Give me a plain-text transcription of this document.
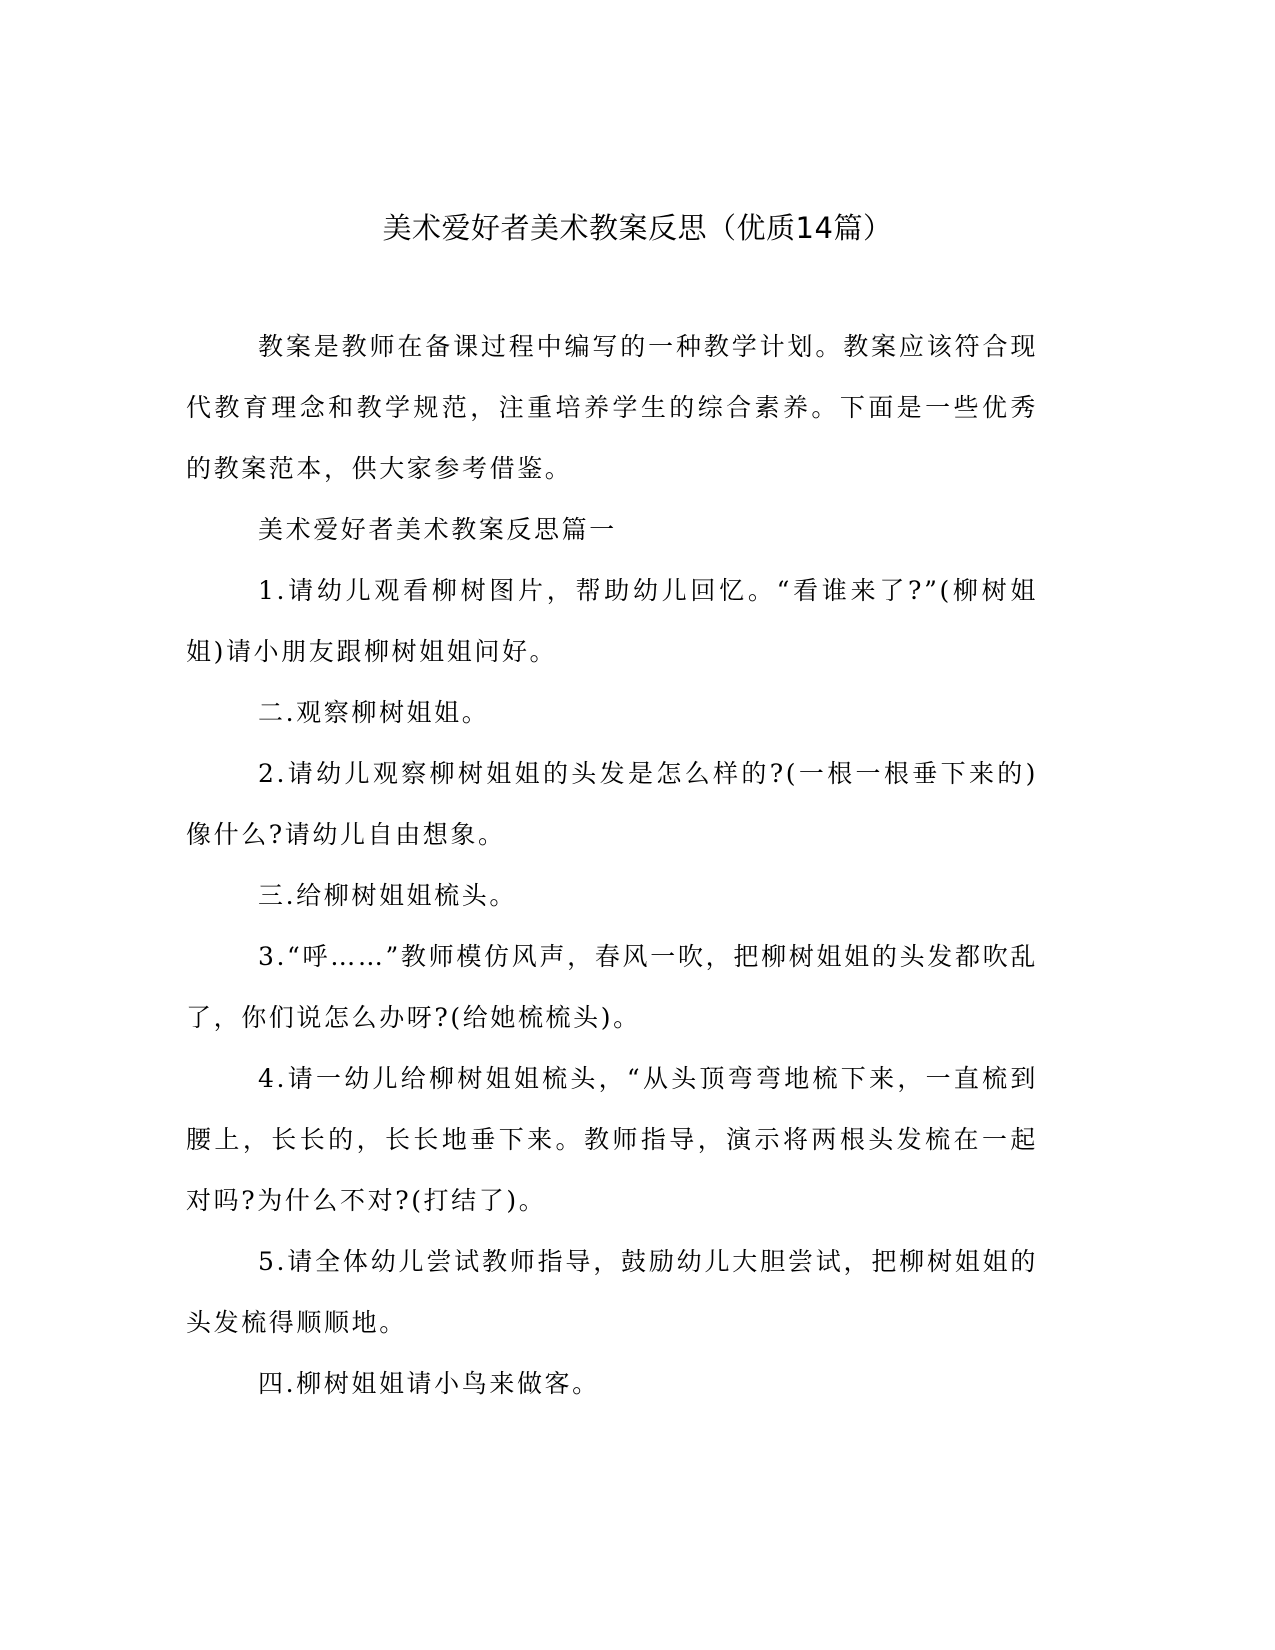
美术爱好者美术教案反思（优质14篇）

教案是教师在备课过程中编写的一种教学计划。教案应该符合现代教育理念和教学规范，注重培养学生的综合素养。下面是一些优秀的教案范本，供大家参考借鉴。

美术爱好者美术教案反思篇一

1.请幼儿观看柳树图片，帮助幼儿回忆。“看谁来了?”(柳树姐姐)请小朋友跟柳树姐姐问好。

二.观察柳树姐姐。

2.请幼儿观察柳树姐姐的头发是怎么样的?(一根一根垂下来的)像什么?请幼儿自由想象。

三.给柳树姐姐梳头。

3.“呼……”教师模仿风声，春风一吹，把柳树姐姐的头发都吹乱了，你们说怎么办呀?(给她梳梳头)。

4.请一幼儿给柳树姐姐梳头，“从头顶弯弯地梳下来，一直梳到腰上，长长的，长长地垂下来。教师指导，演示将两根头发梳在一起对吗?为什么不对?(打结了)。

5.请全体幼儿尝试教师指导，鼓励幼儿大胆尝试，把柳树姐姐的头发梳得顺顺地。

四.柳树姐姐请小鸟来做客。
